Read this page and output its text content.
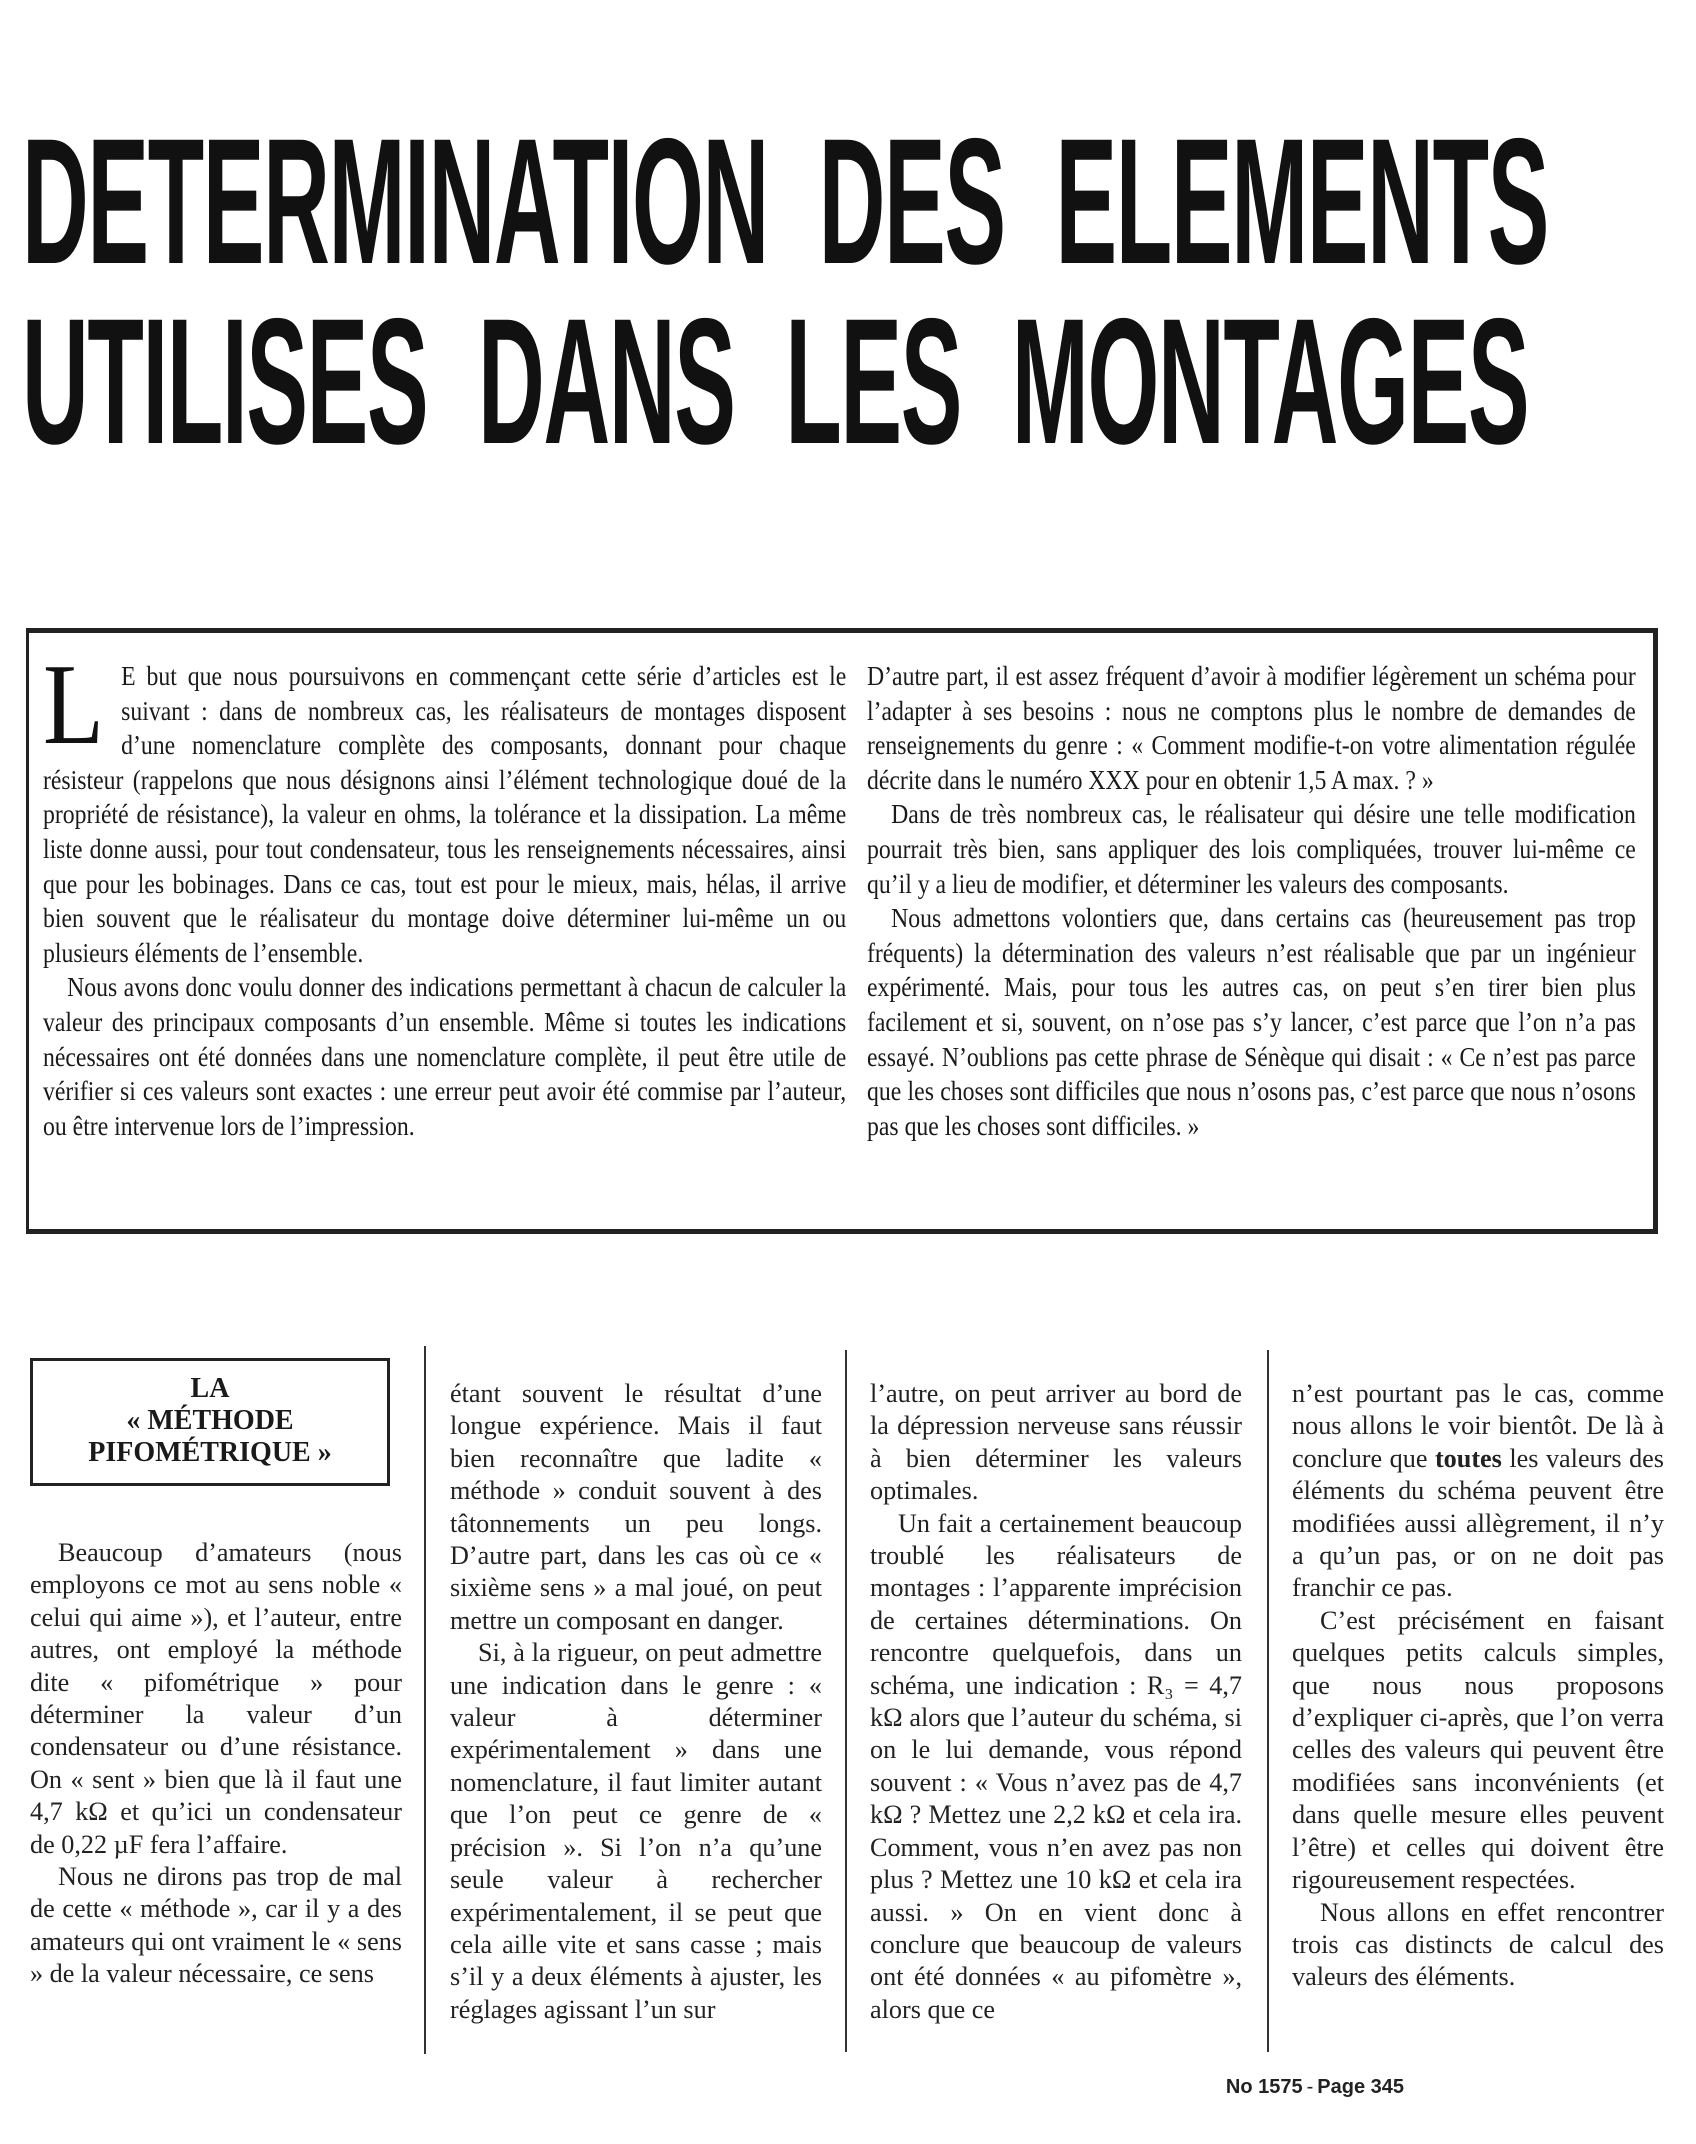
DETERMINATION DES ELEMENTS
UTILISES DANS LES MONTAGES

L E but que nous poursuivons en commençant cette série d’articles est le suivant : dans de nombreux cas, les réalisateurs de montages disposent d’une nomenclature complète des composants, donnant pour chaque résisteur (rappelons que nous désignons ainsi l’élément technologique doué de la propriété de résistance), la valeur en ohms, la tolérance et la dissipation. La même liste donne aussi, pour tout condensateur, tous les renseignements nécessaires, ainsi que pour les bobinages. Dans ce cas, tout est pour le mieux, mais, hélas, il arrive bien souvent que le réalisateur du montage doive déterminer lui-même un ou plusieurs éléments de l’ensemble.

Nous avons donc voulu donner des indications permettant à chacun de calculer la valeur des principaux composants d’un ensemble. Même si toutes les indications nécessaires ont été données dans une nomenclature complète, il peut être utile de vérifier si ces valeurs sont exactes : une erreur peut avoir été commise par l’auteur, ou être intervenue lors de l’impression.

D’autre part, il est assez fréquent d’avoir à modifier légèrement un schéma pour l’adapter à ses besoins : nous ne comptons plus le nombre de demandes de renseignements du genre : « Comment modifie-t-on votre alimentation régulée décrite dans le numéro XXX pour en obtenir 1,5 A max. ? »

Dans de très nombreux cas, le réalisateur qui désire une telle modification pourrait très bien, sans appliquer des lois compliquées, trouver lui-même ce qu’il y a lieu de modifier, et déterminer les valeurs des composants.

Nous admettons volontiers que, dans certains cas (heureusement pas trop fréquents) la détermination des valeurs n’est réalisable que par un ingénieur expérimenté. Mais, pour tous les autres cas, on peut s’en tirer bien plus facilement et si, souvent, on n’ose pas s’y lancer, c’est parce que l’on n’a pas essayé. N’oublions pas cette phrase de Sénèque qui disait : « Ce n’est pas parce que les choses sont difficiles que nous n’osons pas, c’est parce que nous n’osons pas que les choses sont difficiles. »

LA
« MÉTHODE
PIFOMÉTRIQUE »

Beaucoup d’amateurs (nous employons ce mot au sens noble « celui qui aime »), et l’auteur, entre autres, ont employé la méthode dite « pifométrique » pour déterminer la valeur d’un condensateur ou d’une résistance. On « sent » bien que là il faut une 4,7 kΩ et qu’ici un condensateur de 0,22 µF fera l’affaire.

Nous ne dirons pas trop de mal de cette « méthode », car il y a des amateurs qui ont vraiment le « sens » de la valeur nécessaire, ce sens

étant souvent le résultat d’une longue expérience. Mais il faut bien reconnaître que ladite « méthode » conduit souvent à des tâtonnements un peu longs. D’autre part, dans les cas où ce « sixième sens » a mal joué, on peut mettre un composant en danger.

Si, à la rigueur, on peut admettre une indication dans le genre : « valeur à déterminer expérimentalement » dans une nomenclature, il faut limiter autant que l’on peut ce genre de « précision ». Si l’on n’a qu’une seule valeur à rechercher expérimentalement, il se peut que cela aille vite et sans casse ; mais s’il y a deux éléments à ajuster, les réglages agissant l’un sur

l’autre, on peut arriver au bord de la dépression nerveuse sans réussir à bien déterminer les valeurs optimales.

Un fait a certainement beaucoup troublé les réalisateurs de montages : l’apparente imprécision de certaines déterminations. On rencontre quelquefois, dans un schéma, une indication : R₃ = 4,7 kΩ alors que l’auteur du schéma, si on le lui demande, vous répond souvent : « Vous n’avez pas de 4,7 kΩ ? Mettez une 2,2 kΩ et cela ira. Comment, vous n’en avez pas non plus ? Mettez une 10 kΩ et cela ira aussi. » On en vient donc à conclure que beaucoup de valeurs ont été données « au pifomètre », alors que ce

n’est pourtant pas le cas, comme nous allons le voir bientôt. De là à conclure que toutes les valeurs des éléments du schéma peuvent être modifiées aussi allègrement, il n’y a qu’un pas, or on ne doit pas franchir ce pas.

C’est précisément en faisant quelques petits calculs simples, que nous nous proposons d’expliquer ci-après, que l’on verra celles des valeurs qui peuvent être modifiées sans inconvénients (et dans quelle mesure elles peuvent l’être) et celles qui doivent être rigoureusement respectées.

Nous allons en effet rencontrer trois cas distincts de calcul des valeurs des éléments.

No 1575 - Page 345
